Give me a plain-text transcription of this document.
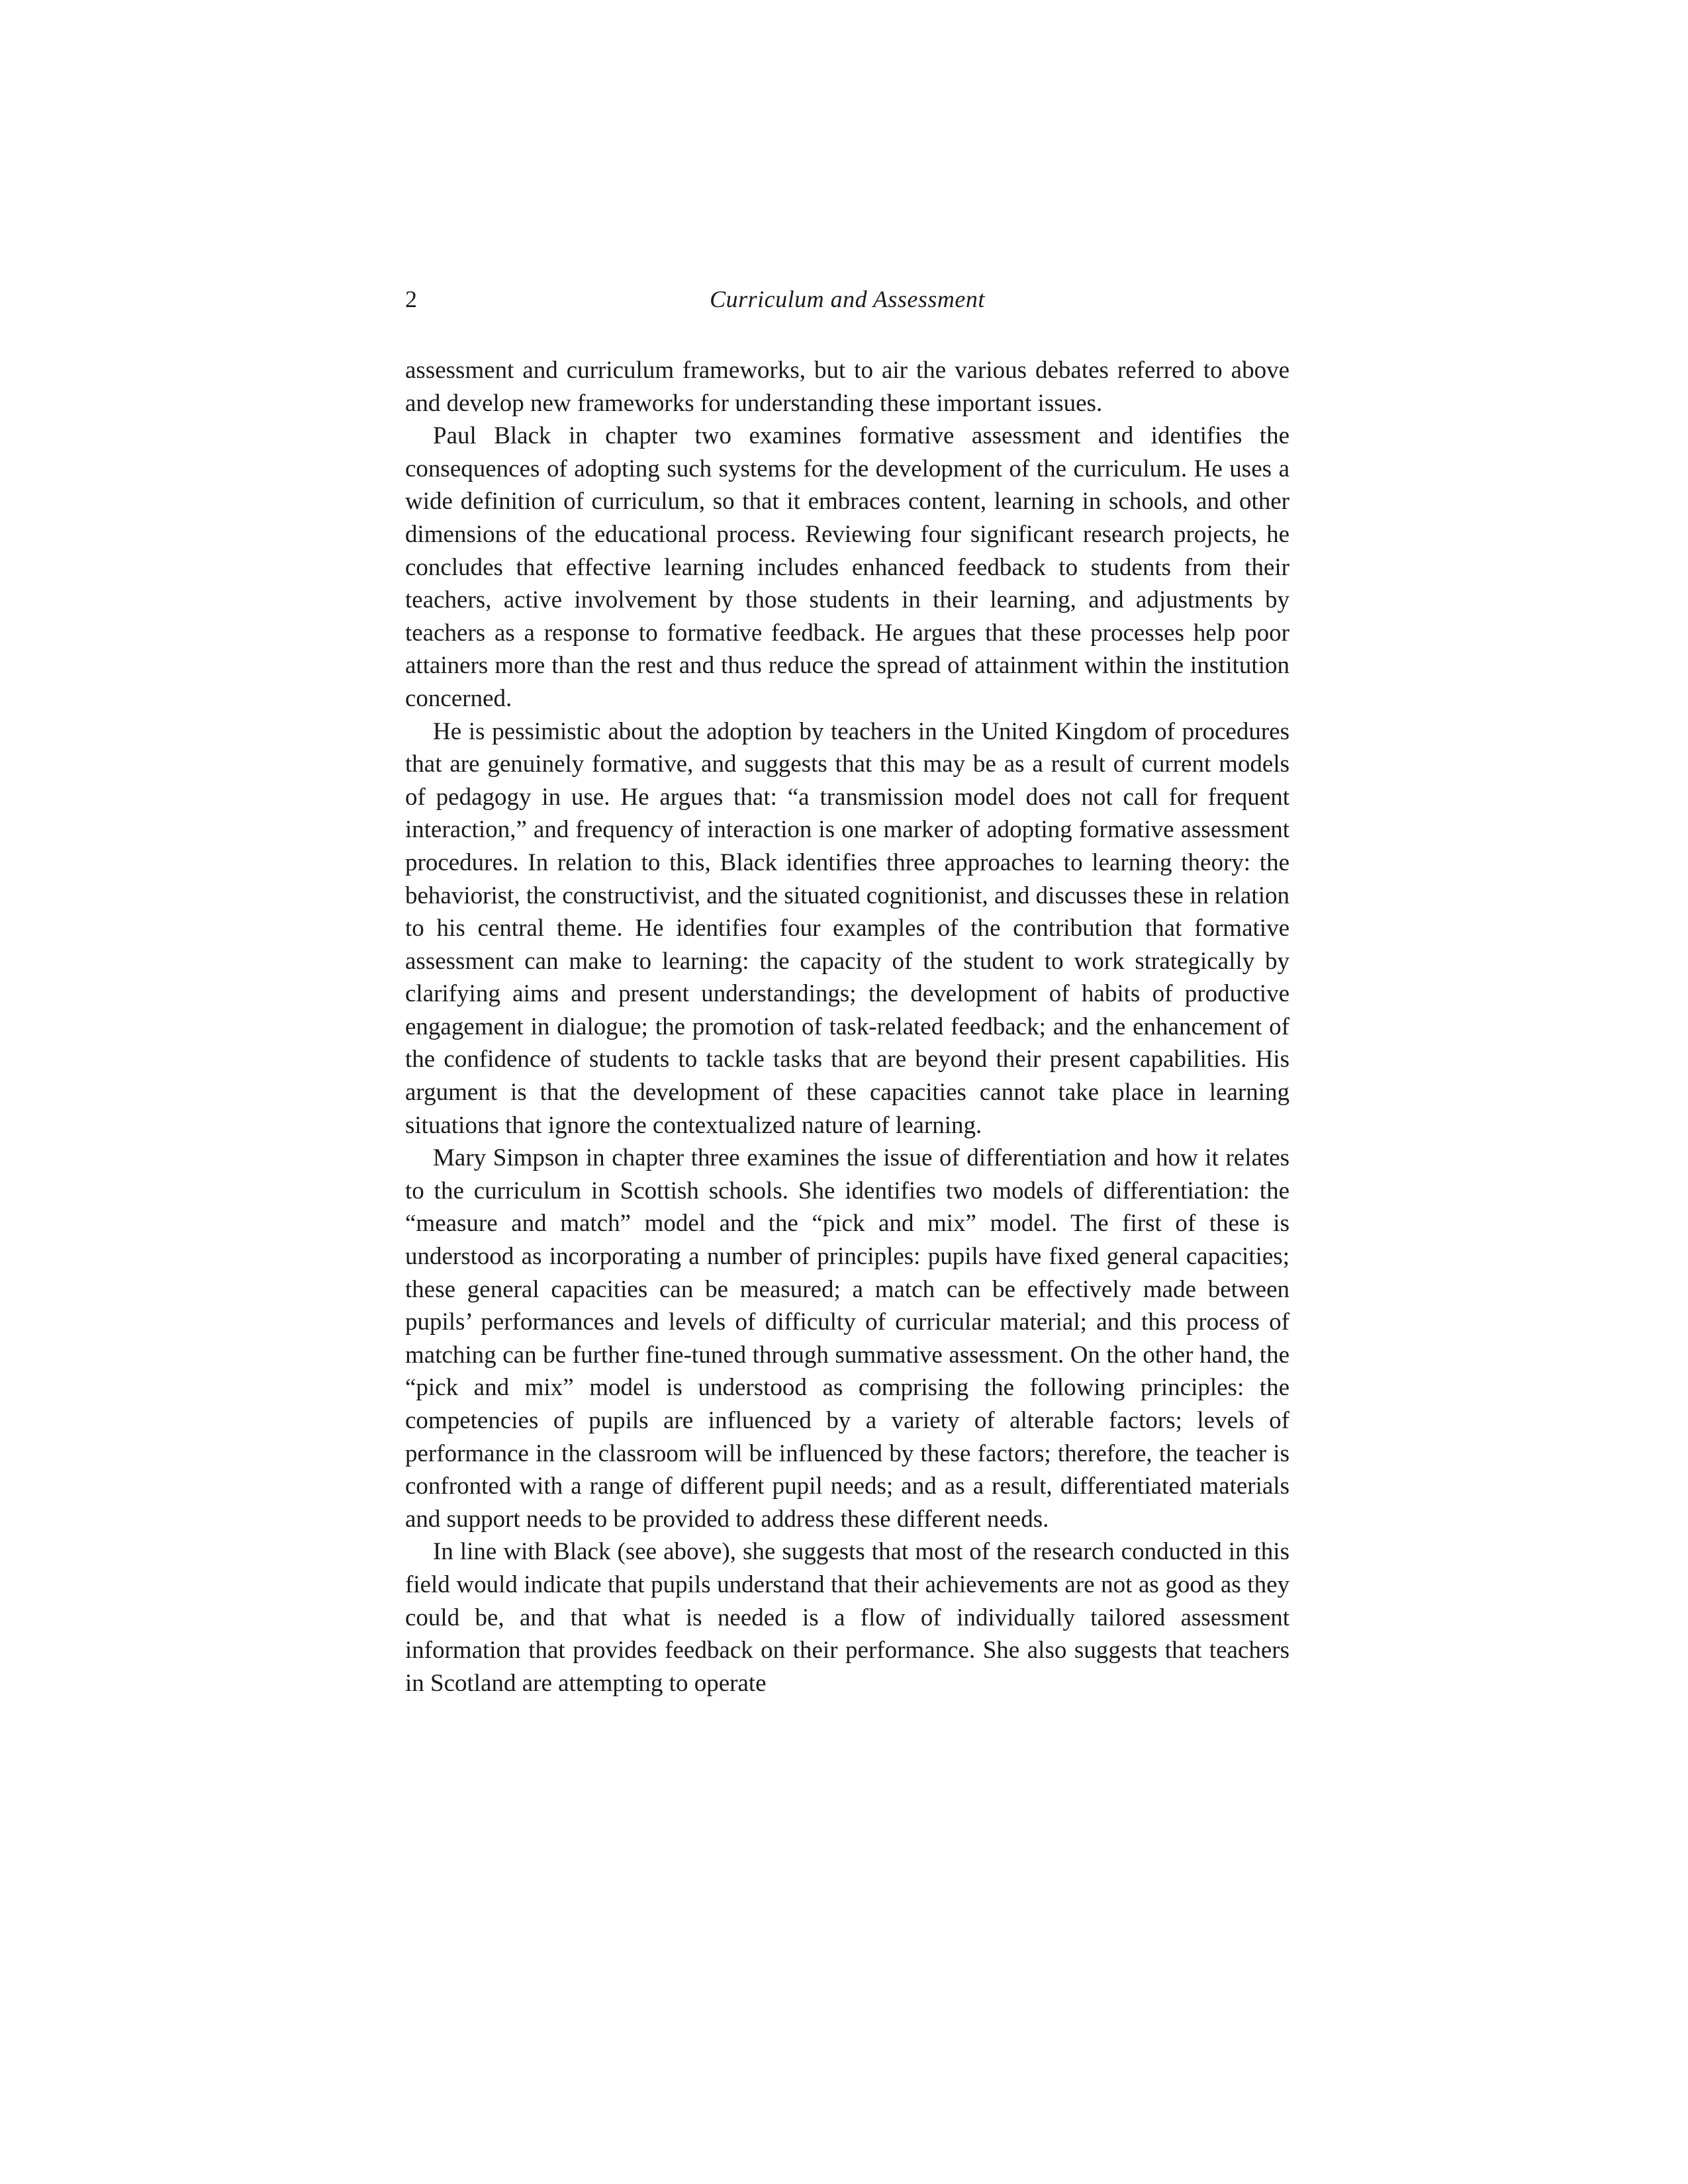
2	Curriculum and Assessment

assessment and curriculum frameworks, but to air the various debates referred to above and develop new frameworks for understanding these important issues.

Paul Black in chapter two examines formative assessment and identifies the consequences of adopting such systems for the development of the curriculum. He uses a wide definition of curriculum, so that it embraces content, learning in schools, and other dimensions of the educational process. Reviewing four significant research projects, he concludes that effective learning includes enhanced feedback to students from their teachers, active involvement by those students in their learning, and adjustments by teachers as a response to formative feedback. He argues that these processes help poor attainers more than the rest and thus reduce the spread of attainment within the institution concerned.

He is pessimistic about the adoption by teachers in the United Kingdom of procedures that are genuinely formative, and suggests that this may be as a result of current models of pedagogy in use. He argues that: “a transmission model does not call for frequent interaction,” and frequency of interaction is one marker of adopting formative assessment procedures. In relation to this, Black identifies three approaches to learning theory: the behaviorist, the constructivist, and the situated cognitionist, and discusses these in relation to his central theme. He identifies four examples of the contribution that formative assessment can make to learning: the capacity of the student to work strategically by clarifying aims and present understandings; the development of habits of productive engagement in dialogue; the promotion of task-related feedback; and the enhancement of the confidence of students to tackle tasks that are beyond their present capabilities. His argument is that the development of these capacities cannot take place in learning situations that ignore the contextualized nature of learning.

Mary Simpson in chapter three examines the issue of differentiation and how it relates to the curriculum in Scottish schools. She identifies two models of differentiation: the “measure and match” model and the “pick and mix” model. The first of these is understood as incorporating a number of principles: pupils have fixed general capacities; these general capacities can be measured; a match can be effectively made between pupils’ performances and levels of difficulty of curricular material; and this process of matching can be further fine-tuned through summative assessment. On the other hand, the “pick and mix” model is understood as comprising the following principles: the competencies of pupils are influenced by a variety of alterable factors; levels of performance in the classroom will be influenced by these factors; therefore, the teacher is confronted with a range of different pupil needs; and as a result, differentiated materials and support needs to be provided to address these different needs.

In line with Black (see above), she suggests that most of the research conducted in this field would indicate that pupils understand that their achievements are not as good as they could be, and that what is needed is a flow of individually tailored assessment information that provides feedback on their performance. She also suggests that teachers in Scotland are attempting to operate
